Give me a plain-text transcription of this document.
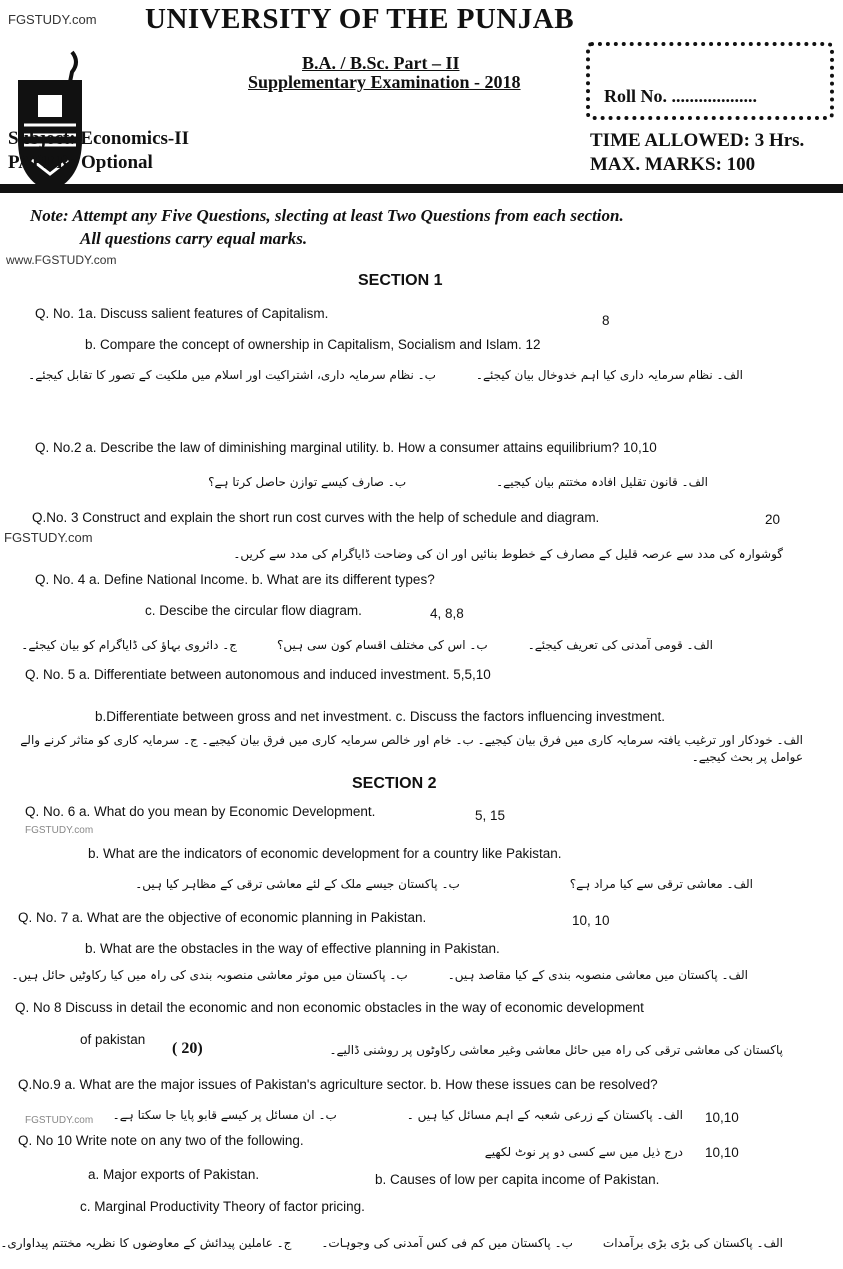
FGSTUDY.com UNIVERSITY OF THE PUNJAB
B.A. / B.Sc. Part – II
Supplementary Examination - 2018
Roll No. ...................
Subject: Economics-II
PAPER: Optional
TIME ALLOWED: 3 Hrs.
MAX. MARKS: 100
Note: Attempt any Five Questions, slecting at least Two Questions from each section.
All questions carry equal marks.
www.FGSTUDY.com
SECTION 1
Q. No. 1a. Discuss salient features of Capitalism.	8
b. Compare the concept of ownership in Capitalism, Socialism and Islam. 12
الف۔ نظام سرمایہ داری کیا اہم خدوخال بیان کیجئے۔
ب۔ نظام سرمایہ داری، اشتراکیت اور اسلام میں ملکیت کے تصور کا تقابل کیجئے۔
Q. No.2 a. Describe the law of diminishing marginal utility. b. How a consumer attains equilibrium? 10,10
الف۔ قانون تقلیل افادہ مختتم بیان کیجیے۔
ب۔ صارف کیسے توازن حاصل کرتا ہے؟
Q.No. 3 Construct and explain the short run cost curves with the help of schedule and diagram.	20
FGSTUDY.com
گوشوارہ کی مدد سے عرصہ قلیل کے مصارف کے خطوط بنائیں اور ان کی وضاحت ڈایاگرام کی مدد سے کریں۔
Q. No. 4 a. Define National Income. b. What are its different types?
c. Descibe the circular flow diagram.	4, 8,8
الف۔ قومی آمدنی کی تعریف کیجئے۔
ب۔ اس کی مختلف اقسام کون سی ہیں؟
ج۔ دائروی بہاؤ کی ڈایاگرام کو بیان کیجئے۔
Q. No. 5 a. Differentiate between autonomous and induced investment. 5,5,10
b.Differentiate between gross and net investment. c. Discuss the factors influencing investment.
الف۔ خودکار اور ترغیب یافتہ سرمایہ کاری میں فرق بیان کیجیے۔ ب۔ خام اور خالص سرمایہ کاری میں فرق بیان کیجیے۔ ج۔ سرمایہ کاری کو متاثر کرنے والے عوامل پر بحث کیجیے۔
SECTION 2
Q. No. 6 a. What do you mean by Economic Development.	5, 15
FGSTUDY.com
b. What are the indicators of economic development for a country like Pakistan.
الف۔ معاشی ترقی سے کیا مراد ہے؟
ب۔ پاکستان جیسے ملک کے لئے معاشی ترقی کے مظاہر کیا ہیں۔
Q. No. 7 a. What are the objective of economic planning in Pakistan.	10, 10
b. What are the obstacles in the way of effective planning in Pakistan.
الف۔ پاکستان میں معاشی منصوبہ بندی کے کیا مقاصد ہیں۔
ب۔ پاکستان میں موثر معاشی منصوبہ بندی کی راہ میں کیا رکاوٹیں حائل ہیں۔
Q. No 8 Discuss in detail the economic and non economic obstacles in the way of economic development
of pakistan
( 20)	پاکستان کی معاشی ترقی کی راہ میں حائل معاشی وغیر معاشی رکاوٹوں پر روشنی ڈالیے۔
Q.No.9 a. What are the major issues of Pakistan's agriculture sector. b. How these issues can be resolved?
الف۔ پاکستان کے زرعی شعبہ کے اہم مسائل کیا ہیں ۔
ب۔ ان مسائل پر کیسے قابو پایا جا سکتا ہے۔	10,10
FGSTUDY.com
Q. No 10 Write note on any two of the following.
درج ذیل میں سے کسی دو پر نوٹ لکھیے 10,10
a. Major exports of Pakistan.	b. Causes of low per capita income of Pakistan.
c. Marginal Productivity Theory of factor pricing.
الف۔ پاکستان کی بڑی بڑی برآمدات
ب۔ پاکستان میں کم فی کس آمدنی کی وجوہات۔
ج۔ عاملین پیدائش کے معاوضوں کا نظریہ مختتم پیداواری۔
